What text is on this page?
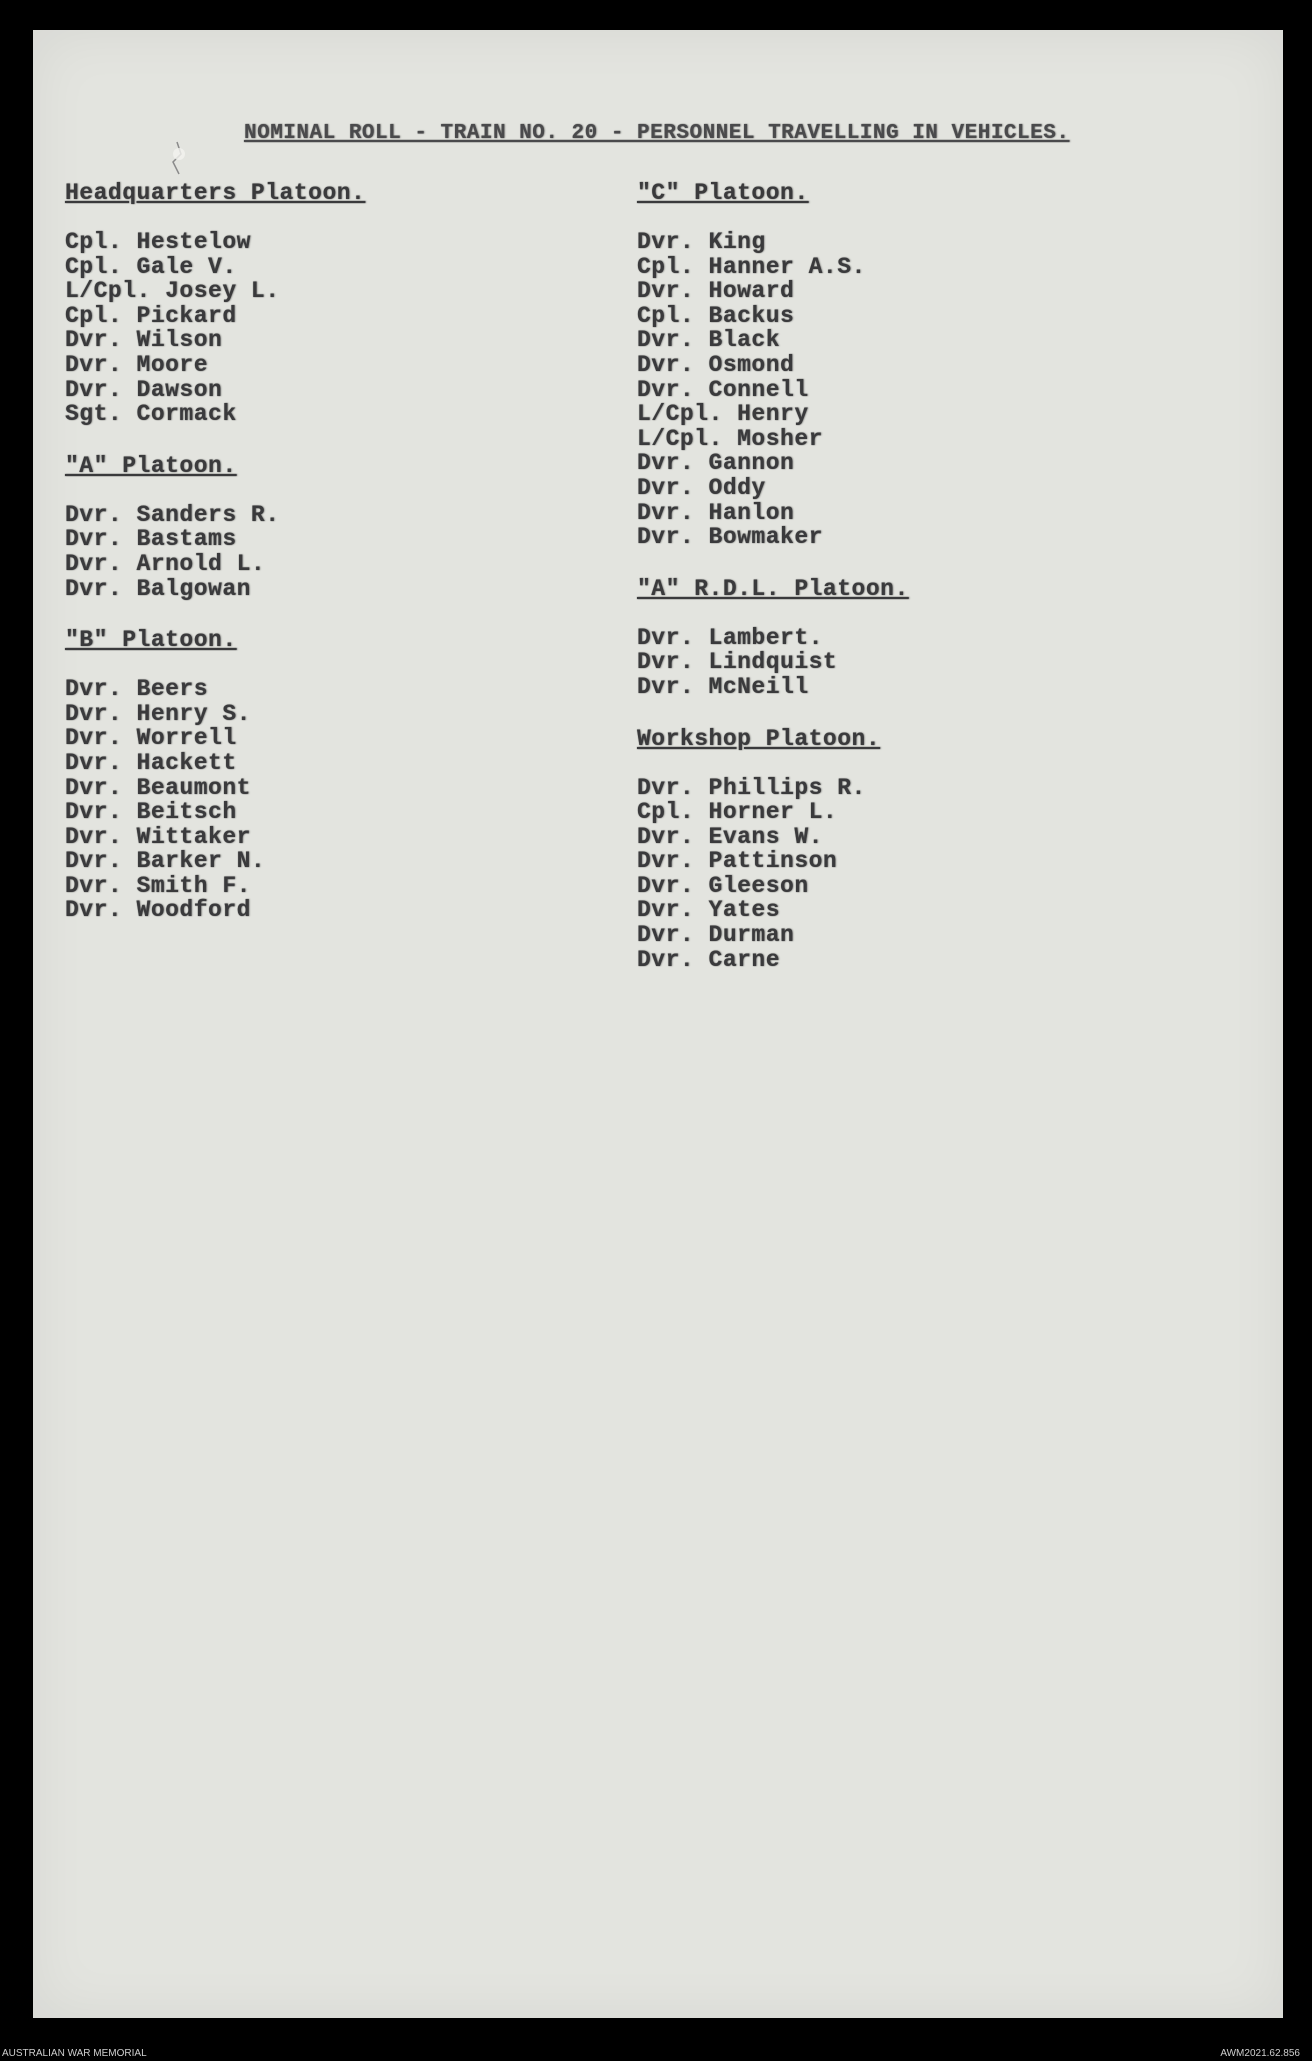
NOMINAL ROLL - TRAIN NO. 20 - PERSONNEL TRAVELLING IN VEHICLES.
Headquarters Platoon.
Cpl. Hestelow
Cpl. Gale V.
L/Cpl. Josey L.
Cpl. Pickard
Dvr. Wilson
Dvr. Moore
Dvr. Dawson
Sgt. Cormack
"A" Platoon.
Dvr. Sanders R.
Dvr. Bastams
Dvr. Arnold L.
Dvr. Balgowan
"B" Platoon.
Dvr. Beers
Dvr. Henry S.
Dvr. Worrell
Dvr. Hackett
Dvr. Beaumont
Dvr. Beitsch
Dvr. Wittaker
Dvr. Barker N.
Dvr. Smith F.
Dvr. Woodford
"C" Platoon.
Dvr. King
Cpl. Hanner A.S.
Dvr. Howard
Cpl. Backus
Dvr. Black
Dvr. Osmond
Dvr. Connell
L/Cpl. Henry
L/Cpl. Mosher
Dvr. Gannon
Dvr. Oddy
Dvr. Hanlon
Dvr. Bowmaker
"A" R.D.L. Platoon.
Dvr. Lambert.
Dvr. Lindquist
Dvr. McNeill
Workshop Platoon.
Dvr. Phillips R.
Cpl. Horner L.
Dvr. Evans W.
Dvr. Pattinson
Dvr. Gleeson
Dvr. Yates
Dvr. Durman
Dvr. Carne
AUSTRALIAN WAR MEMORIAL	AWM2021.62.856
